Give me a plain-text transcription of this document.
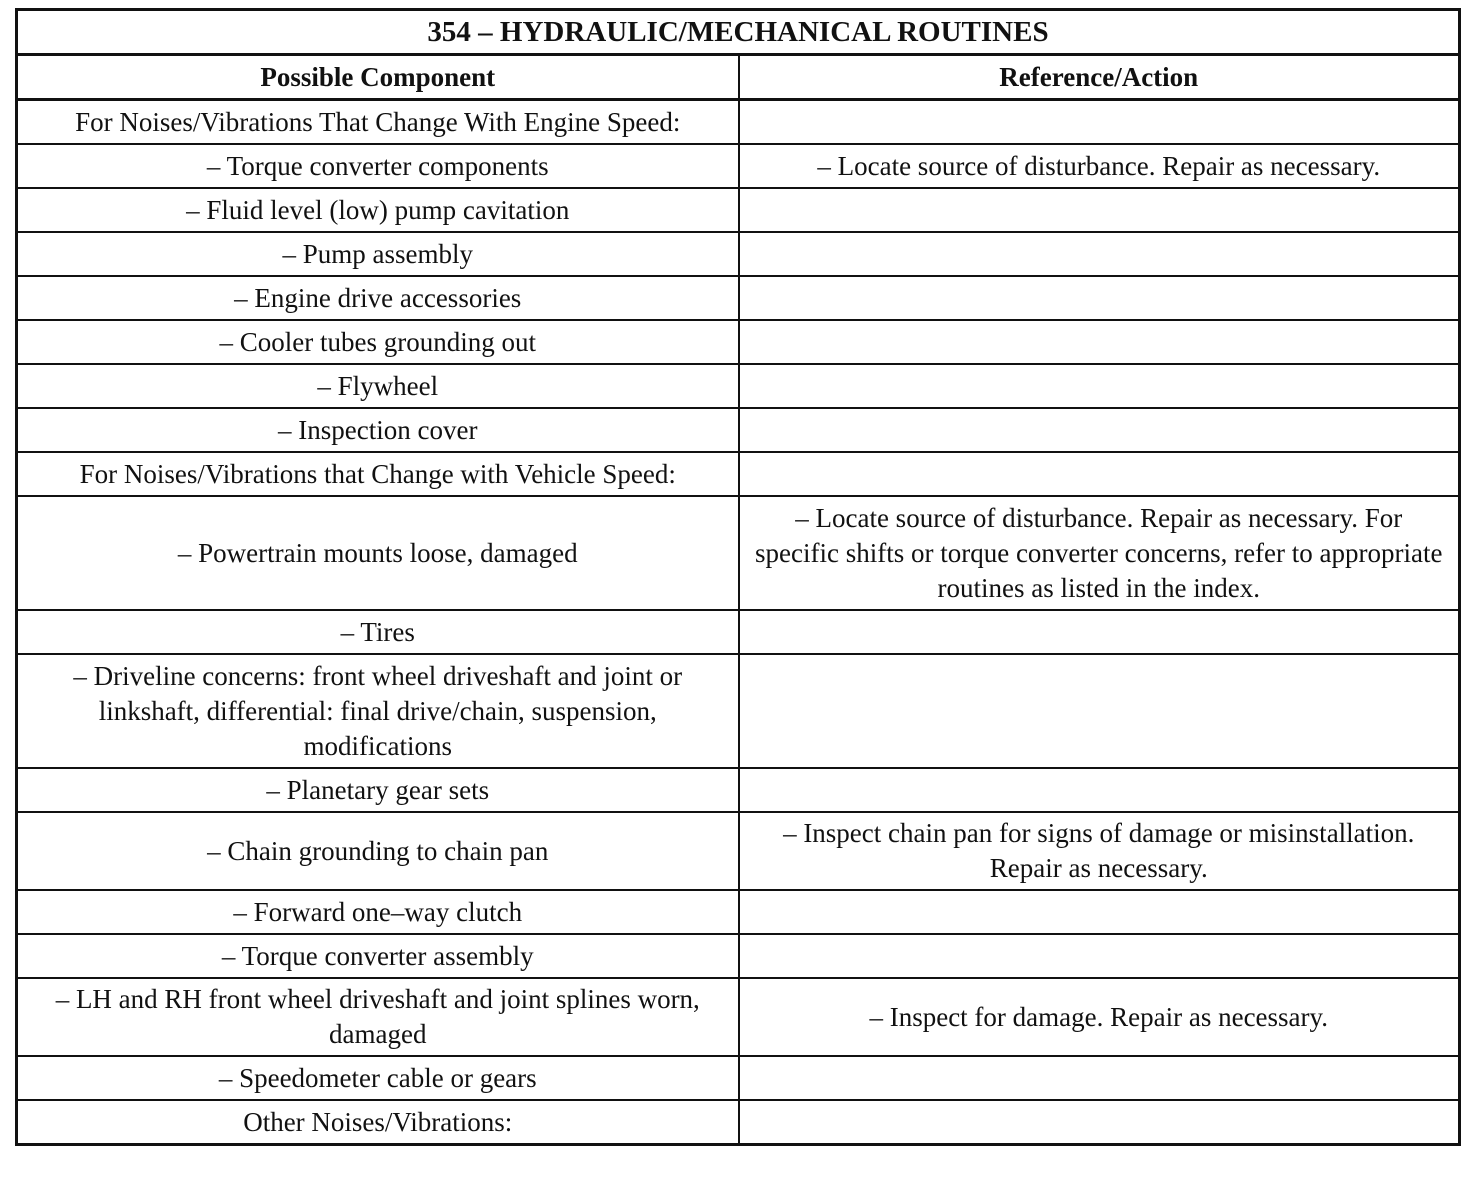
354 – HYDRAULIC/MECHANICAL ROUTINES	
Possible Component	Reference/Action
For Noises/Vibrations That Change With Engine Speed:	
– Torque converter components	– Locate source of disturbance. Repair as necessary.
– Fluid level (low) pump cavitation	
– Pump assembly	
– Engine drive accessories	
– Cooler tubes grounding out	
– Flywheel	
– Inspection cover	
For Noises/Vibrations that Change with Vehicle Speed:	
– Powertrain mounts loose, damaged	– Locate source of disturbance. Repair as necessary. For specific shifts or torque converter concerns, refer to appropriate routines as listed in the index.
– Tires	
– Driveline concerns: front wheel driveshaft and joint or linkshaft, differential: final drive/chain, suspension, modifications	
– Planetary gear sets	
– Chain grounding to chain pan	– Inspect chain pan for signs of damage or misinstallation. Repair as necessary.
– Forward one–way clutch	
– Torque converter assembly	
– LH and RH front wheel driveshaft and joint splines worn, damaged	– Inspect for damage. Repair as necessary.
– Speedometer cable or gears	
Other Noises/Vibrations:	
